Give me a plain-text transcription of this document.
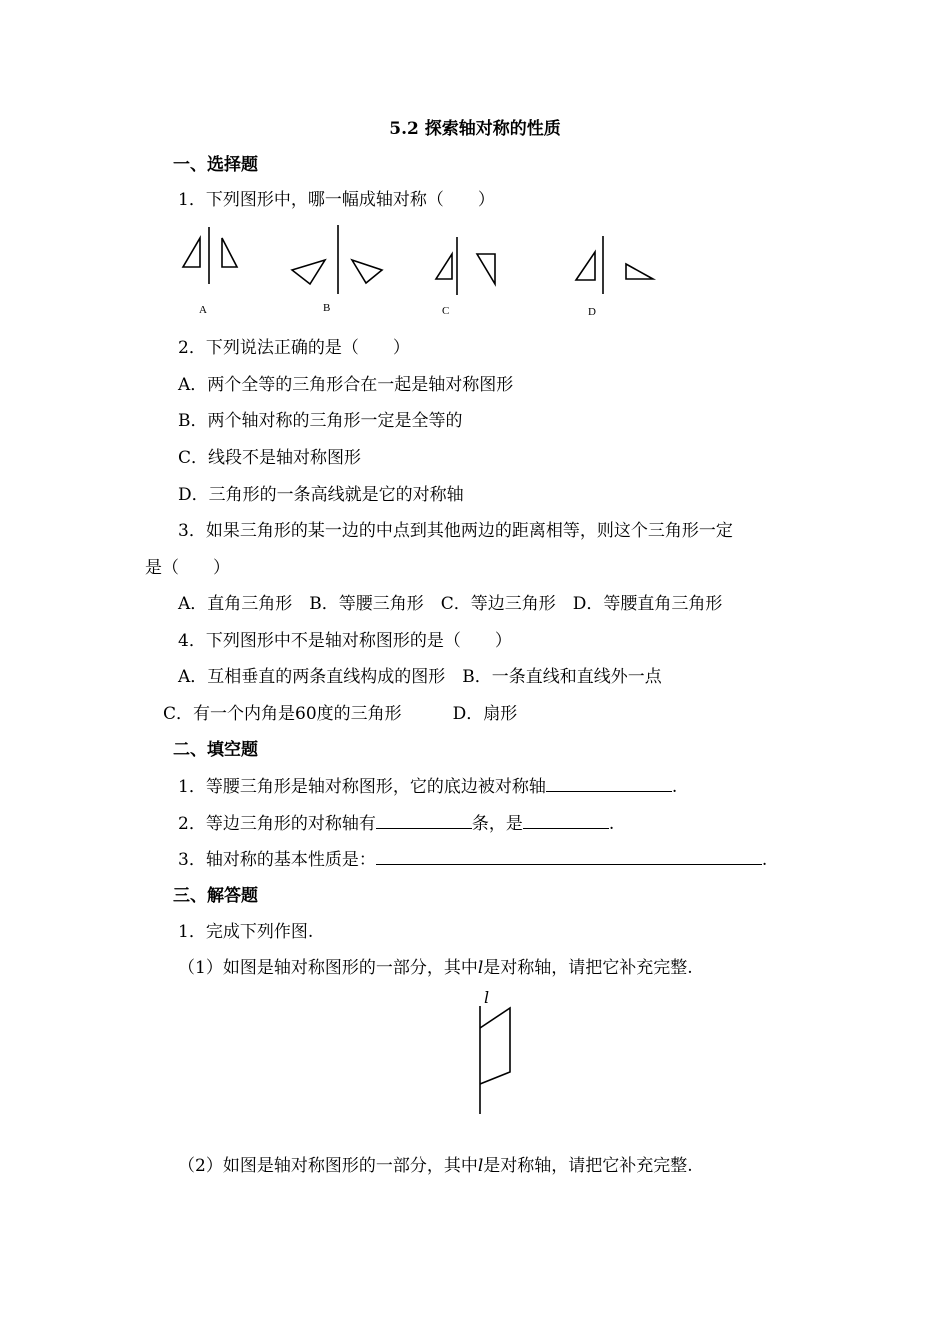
5.2 探索轴对称的性质
一、选择题
1．下列图形中，哪一幅成轴对称（　　）
A	B	C	D
2．下列说法正确的是（　　）
A．两个全等的三角形合在一起是轴对称图形
B．两个轴对称的三角形一定是全等的
C．线段不是轴对称图形
D．三角形的一条高线就是它的对称轴
3．如果三角形的某一边的中点到其他两边的距离相等，则这个三角形一定
是（　　）
A．直角三角形　B．等腰三角形　C．等边三角形　D．等腰直角三角形
4．下列图形中不是轴对称图形的是（　　）
A．互相垂直的两条直线构成的图形　B．一条直线和直线外一点
C．有一个内角是60度的三角形　　　D．扇形
二、填空题
1．等腰三角形是轴对称图形，它的底边被对称轴	.
2．等边三角形的对称轴有	条，是	.
3．轴对称的基本性质是：	.
三、解答题
1．完成下列作图.
（1）如图是轴对称图形的一部分，其中l是对称轴，请把它补充完整.
l
（2）如图是轴对称图形的一部分，其中l是对称轴，请把它补充完整.
